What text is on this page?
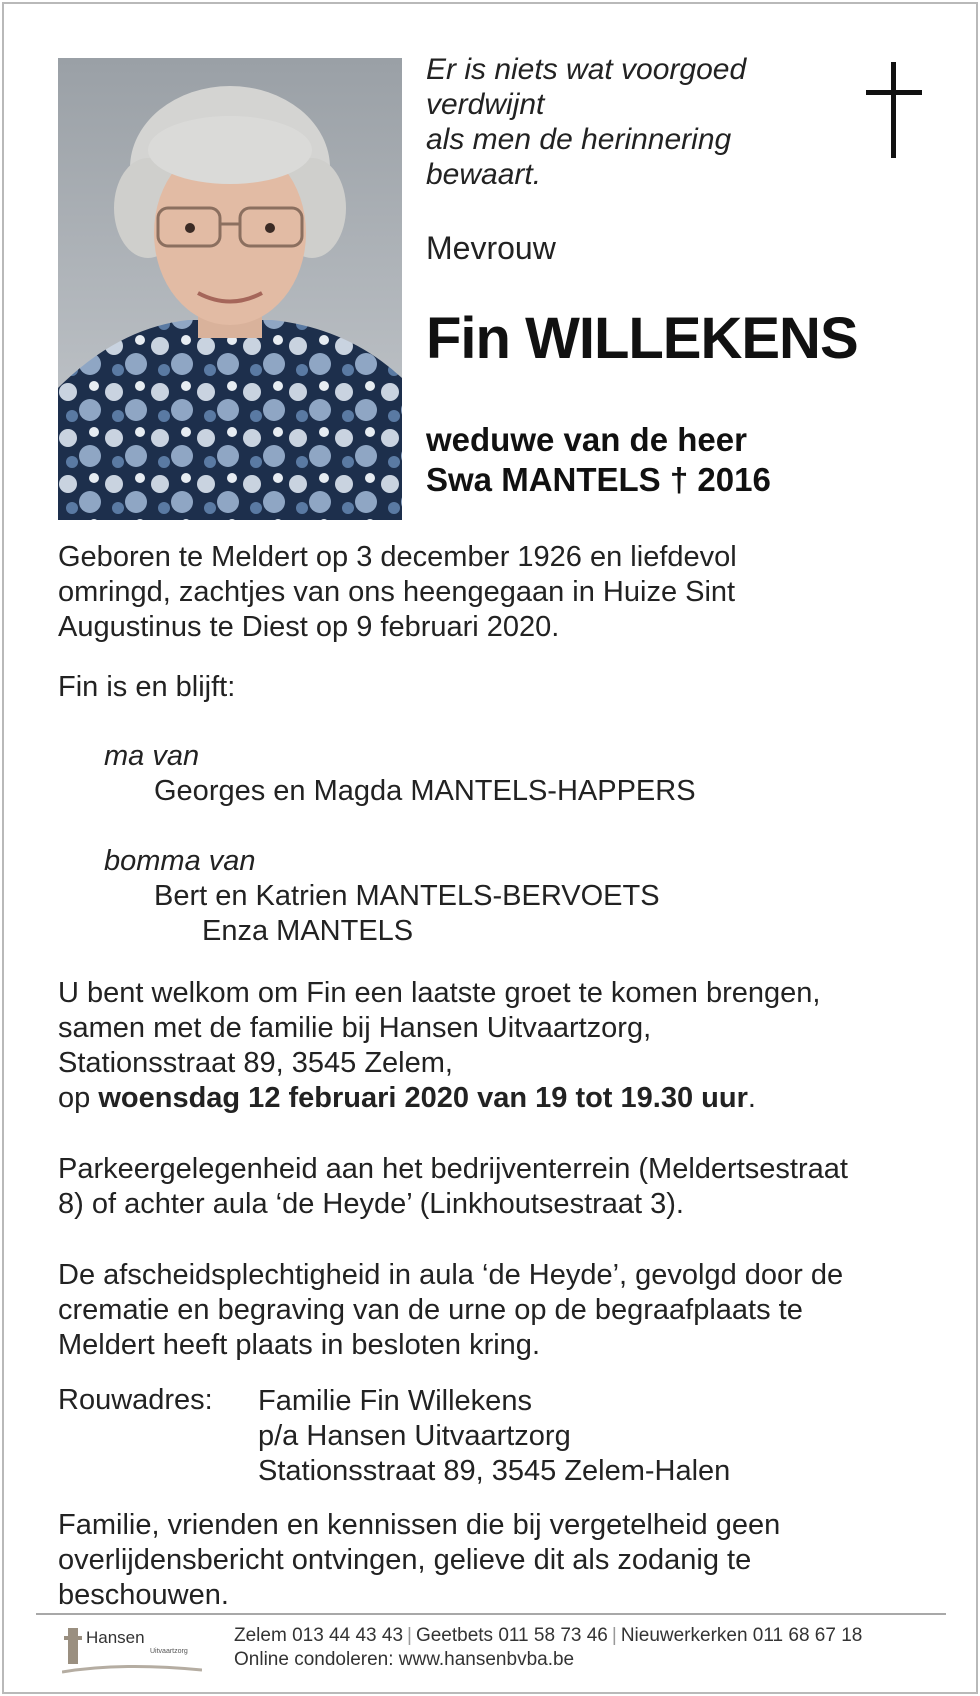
Er is niets wat voorgoed
verdwijnt
als men de herinnering
bewaart.
Mevrouw
Fin WILLEKENS
weduwe van de heer
Swa MANTELS † 2016
Geboren te Meldert op 3 december 1926 en liefdevol
omringd, zachtjes van ons heengegaan in Huize Sint
Augustinus te Diest op 9 februari 2020.
Fin is en blijft:
ma van
Georges en Magda MANTELS-HAPPERS
bomma van
Bert en Katrien MANTELS-BERVOETS
Enza MANTELS
U bent welkom om Fin een laatste groet te komen brengen,
samen met de familie bij Hansen Uitvaartzorg,
Stationsstraat 89, 3545 Zelem,
op woensdag 12 februari 2020 van 19 tot 19.30 uur.
Parkeergelegenheid aan het bedrijventerrein (Meldertsestraat
8) of achter aula ‘de Heyde’ (Linkhoutsestraat 3).
De afscheidsplechtigheid in aula ‘de Heyde’, gevolgd door de
crematie en begraving van de urne op de begraafplaats te
Meldert heeft plaats in besloten kring.
Rouwadres: Familie Fin Willekens
p/a Hansen Uitvaartzorg
Stationsstraat 89, 3545 Zelem-Halen
Familie, vrienden en kennissen die bij vergetelheid geen
overlijdensbericht ontvingen, gelieve dit als zodanig te
beschouwen.
Hansen
Uitvaartzorg
Zelem 013 44 43 43 | Geetbets 011 58 73 46 | Nieuwerkerken 011 68 67 18
Online condoleren: www.hansenbvba.be
